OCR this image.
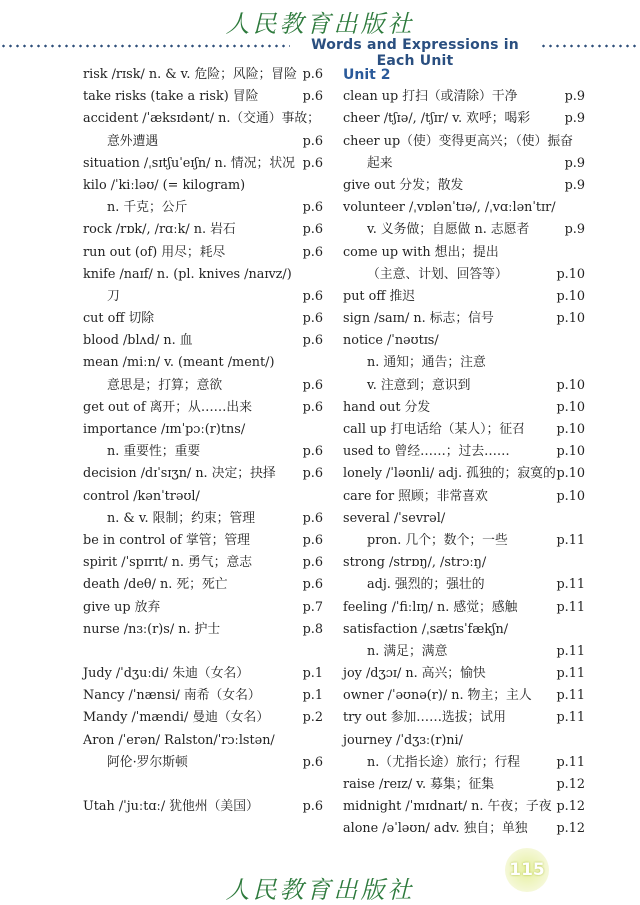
人民教育出版社
Words and Expressions in Each Unit
risk /rɪsk/ n. & v. 危险；风险；冒险 p.6
take risks (take a risk) 冒险	p.6
accident /ˈæksɪdənt/ n.（交通）事故；
意外遭遇	p.6
situation /ˌsɪtʃuˈeɪʃn/ n. 情况；状况 p.6
kilo /ˈkiːləʊ/ (= kilogram)
n. 千克；公斤	p.6
rock /rɒk/, /rɑːk/ n. 岩石	p.6
run out (of) 用尽；耗尽	p.6
knife /naɪf/ n. (pl. knives /naɪvz/)
刀	p.6
cut off 切除	p.6
blood /blʌd/ n. 血	p.6
mean /miːn/ v. (meant /ment/)
意思是；打算；意欲	p.6
get out of 离开；从……出来	p.6
importance /ɪmˈpɔː(r)tns/
n. 重要性；重要	p.6
decision /dɪˈsɪʒn/ n. 决定；抉择 p.6
control /kənˈtrəʊl/
n. & v. 限制；约束；管理	p.6
be in control of 掌管；管理	p.6
spirit /ˈspɪrɪt/ n. 勇气；意志	p.6
death /deθ/ n. 死；死亡	p.6
give up 放弃	p.7
nurse /nɜː(r)s/ n. 护士	p.8
Judy /ˈdʒuːdi/ 朱迪（女名）	p.1
Nancy /ˈnænsi/ 南希（女名）	p.1
Mandy /ˈmændi/ 曼迪（女名）	p.2
Aron /ˈerən/ Ralston/ˈrɔːlstən/
阿伦·罗尔斯顿	p.6
Utah /ˈjuːtɑː/ 犹他州（美国）	p.6
Unit 2
clean up 打扫（或清除）干净	p.9
cheer /tʃɪə/, /tʃɪr/ v. 欢呼；喝彩	p.9
cheer up（使）变得更高兴；（使）振奋
起来	p.9
give out 分发；散发	p.9
volunteer /ˌvɒlənˈtɪə/, /ˌvɑːlənˈtɪr/
v. 义务做；自愿做 n. 志愿者	p.9
come up with 想出；提出
（主意、计划、回答等）	p.10
put off 推迟	p.10
sign /saɪn/ n. 标志；信号	p.10
notice /ˈnəʊtɪs/
n. 通知；通告；注意
v. 注意到；意识到	p.10
hand out 分发	p.10
call up 打电话给（某人）；征召 p.10
used to 曾经……；过去……	p.10
lonely /ˈləʊnli/ adj. 孤独的；寂寞的 p.10
care for 照顾；非常喜欢	p.10
several /ˈsevrəl/
pron. 几个；数个；一些	p.11
strong /strɒŋ/, /strɔːŋ/
adj. 强烈的；强壮的	p.11
feeling /ˈfiːlɪŋ/ n. 感觉；感触	p.11
satisfaction /ˌsætɪsˈfækʃn/
n. 满足；满意	p.11
joy /dʒɔɪ/ n. 高兴；愉快	p.11
owner /ˈəʊnə(r)/ n. 物主；主人 p.11
try out 参加……选拔；试用	p.11
journey /ˈdʒɜː(r)ni/
n.（尤指长途）旅行；行程	p.11
raise /reɪz/ v. 募集；征集	p.12
midnight /ˈmɪdnaɪt/ n. 午夜；子夜 p.12
alone /əˈləʊn/ adv. 独自；单独 p.12
115
人民教育出版社
